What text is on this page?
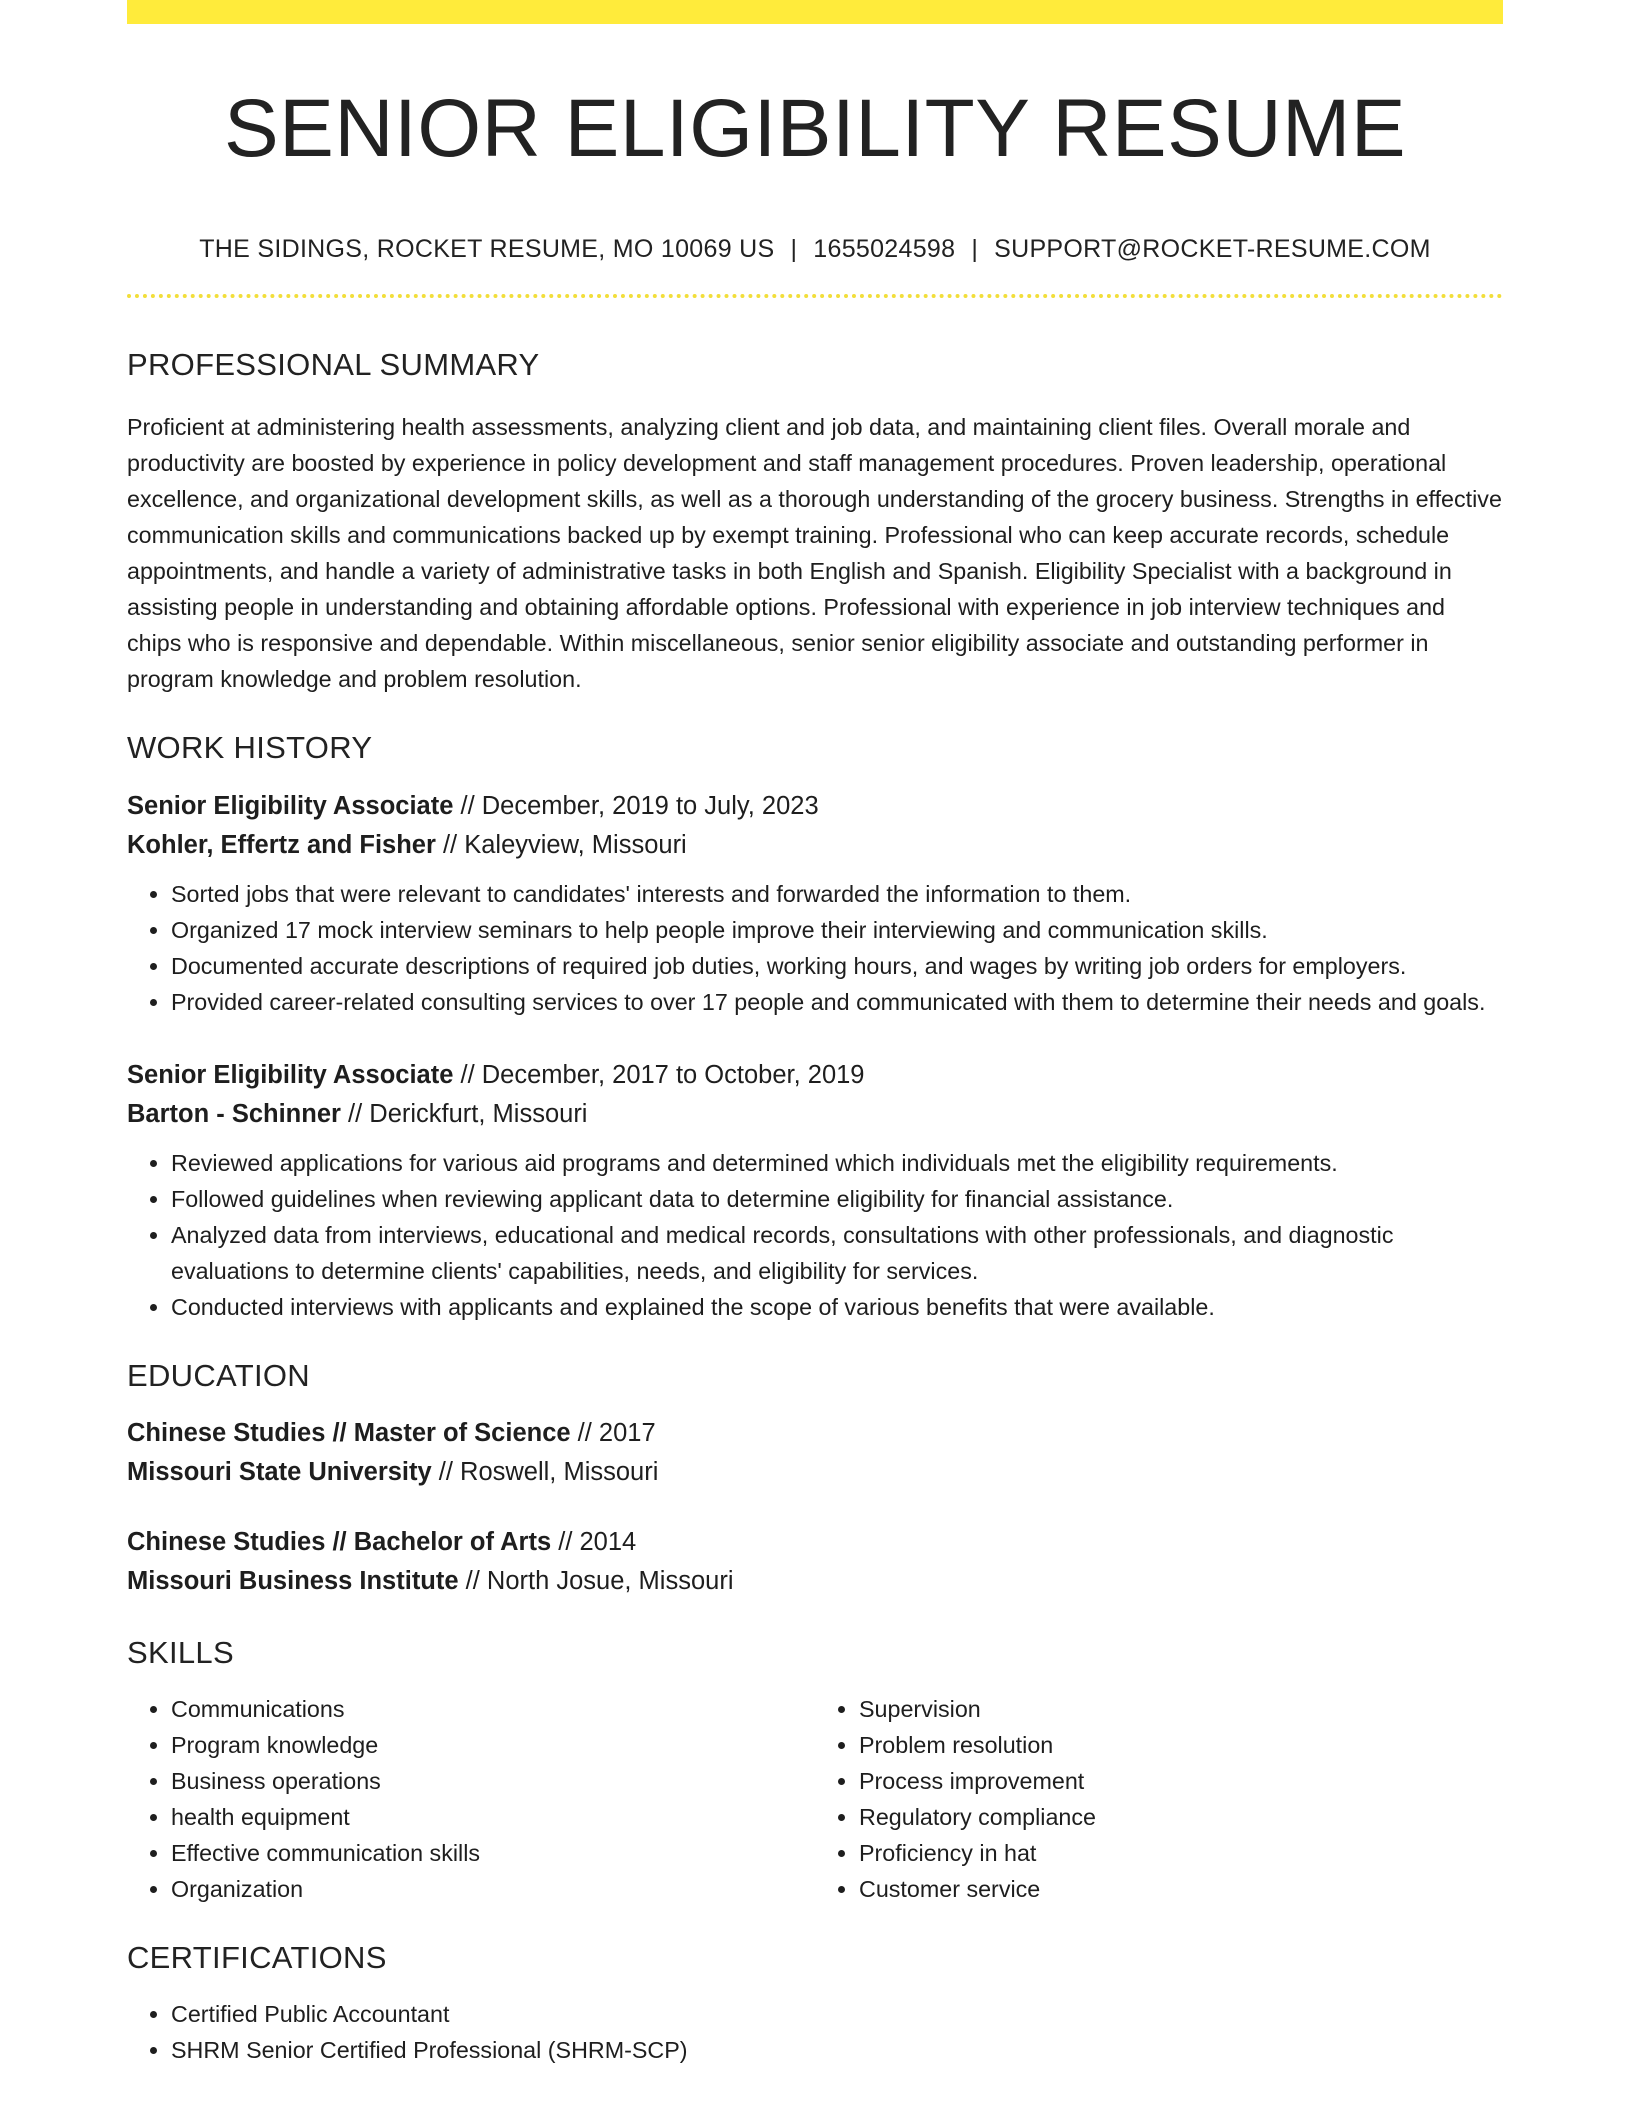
SENIOR ELIGIBILITY RESUME
THE SIDINGS, ROCKET RESUME, MO 10069 US | 1655024598 | SUPPORT@ROCKET-RESUME.COM
PROFESSIONAL SUMMARY

Proficient at administering health assessments, analyzing client and job data, and maintaining client files. Overall morale and productivity are boosted by experience in policy development and staff management procedures. Proven leadership, operational excellence, and organizational development skills, as well as a thorough understanding of the grocery business. Strengths in effective communication skills and communications backed up by exempt training. Professional who can keep accurate records, schedule appointments, and handle a variety of administrative tasks in both English and Spanish. Eligibility Specialist with a background in assisting people in understanding and obtaining affordable options. Professional with experience in job interview techniques and chips who is responsive and dependable. Within miscellaneous, senior senior eligibility associate and outstanding performer in program knowledge and problem resolution.

WORK HISTORY
Senior Eligibility Associate // December, 2019 to July, 2023
Kohler, Effertz and Fisher // Kaleyview, Missouri
• Sorted jobs that were relevant to candidates' interests and forwarded the information to them.
• Organized 17 mock interview seminars to help people improve their interviewing and communication skills.
• Documented accurate descriptions of required job duties, working hours, and wages by writing job orders for employers.
• Provided career-related consulting services to over 17 people and communicated with them to determine their needs and goals.
Senior Eligibility Associate // December, 2017 to October, 2019
Barton - Schinner // Derickfurt, Missouri
• Reviewed applications for various aid programs and determined which individuals met the eligibility requirements.
• Followed guidelines when reviewing applicant data to determine eligibility for financial assistance.
• Analyzed data from interviews, educational and medical records, consultations with other professionals, and diagnostic evaluations to determine clients' capabilities, needs, and eligibility for services.
• Conducted interviews with applicants and explained the scope of various benefits that were available.
EDUCATION
Chinese Studies // Master of Science // 2017
Missouri State University // Roswell, Missouri
Chinese Studies // Bachelor of Arts // 2014
Missouri Business Institute // North Josue, Missouri
SKILLS
• Communications
• Program knowledge
• Business operations
• health equipment
• Effective communication skills
• Organization
• Supervision
• Problem resolution
• Process improvement
• Regulatory compliance
• Proficiency in hat
• Customer service
CERTIFICATIONS
• Certified Public Accountant
• SHRM Senior Certified Professional (SHRM-SCP)
